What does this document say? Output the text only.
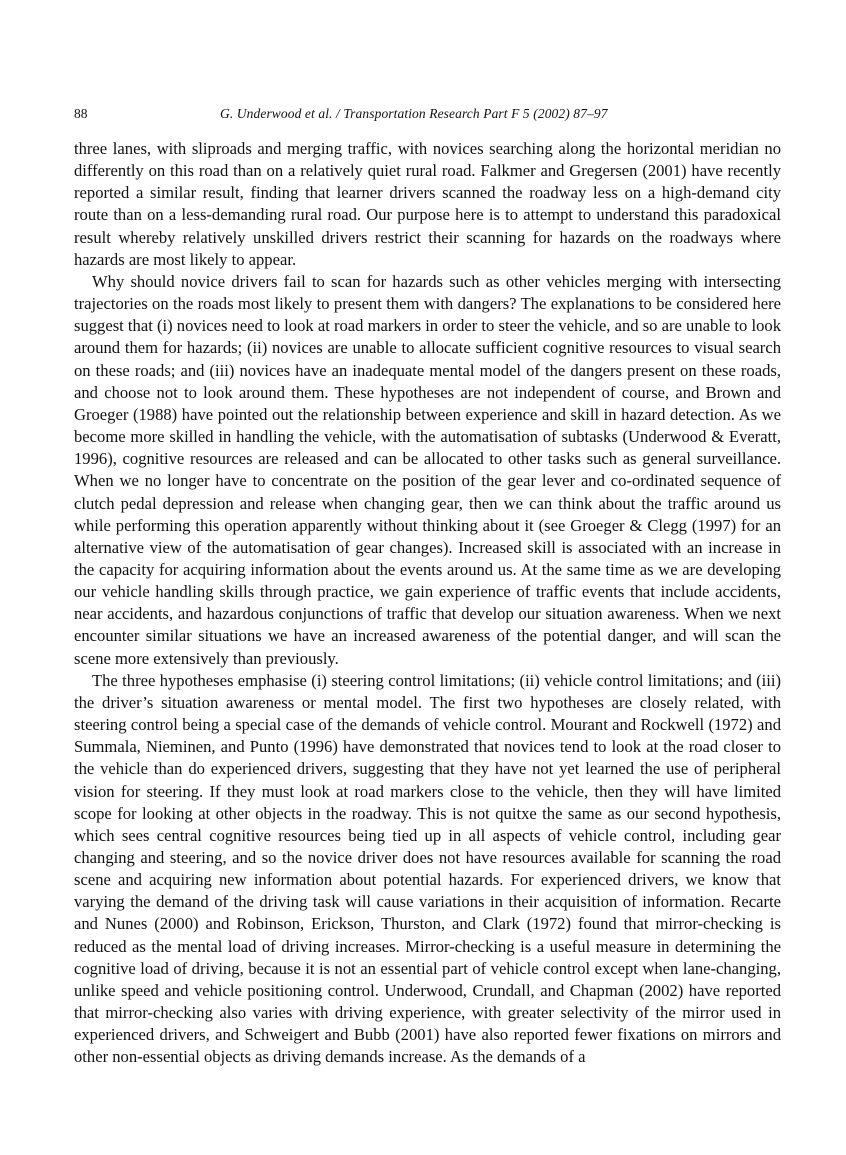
88	G. Underwood et al. / Transportation Research Part F 5 (2002) 87–97

three lanes, with sliproads and merging traffic, with novices searching along the horizontal meridian no differently on this road than on a relatively quiet rural road. Falkmer and Gregersen (2001) have recently reported a similar result, finding that learner drivers scanned the roadway less on a high-demand city route than on a less-demanding rural road. Our purpose here is to attempt to understand this paradoxical result whereby relatively unskilled drivers restrict their scanning for hazards on the roadways where hazards are most likely to appear.

Why should novice drivers fail to scan for hazards such as other vehicles merging with intersecting trajectories on the roads most likely to present them with dangers? The explanations to be considered here suggest that (i) novices need to look at road markers in order to steer the vehicle, and so are unable to look around them for hazards; (ii) novices are unable to allocate sufficient cognitive resources to visual search on these roads; and (iii) novices have an inadequate mental model of the dangers present on these roads, and choose not to look around them. These hypotheses are not independent of course, and Brown and Groeger (1988) have pointed out the relationship between experience and skill in hazard detection. As we become more skilled in handling the vehicle, with the automatisation of subtasks (Underwood & Everatt, 1996), cognitive resources are released and can be allocated to other tasks such as general surveillance. When we no longer have to concentrate on the position of the gear lever and co-ordinated sequence of clutch pedal depression and release when changing gear, then we can think about the traffic around us while performing this operation apparently without thinking about it (see Groeger & Clegg (1997) for an alternative view of the automatisation of gear changes). Increased skill is associated with an increase in the capacity for acquiring information about the events around us. At the same time as we are developing our vehicle handling skills through practice, we gain experience of traffic events that include accidents, near accidents, and hazardous conjunctions of traffic that develop our situation awareness. When we next encounter similar situations we have an increased awareness of the potential danger, and will scan the scene more extensively than previously.

The three hypotheses emphasise (i) steering control limitations; (ii) vehicle control limitations; and (iii) the driver’s situation awareness or mental model. The first two hypotheses are closely related, with steering control being a special case of the demands of vehicle control. Mourant and Rockwell (1972) and Summala, Nieminen, and Punto (1996) have demonstrated that novices tend to look at the road closer to the vehicle than do experienced drivers, suggesting that they have not yet learned the use of peripheral vision for steering. If they must look at road markers close to the vehicle, then they will have limited scope for looking at other objects in the roadway. This is not quitxe the same as our second hypothesis, which sees central cognitive resources being tied up in all aspects of vehicle control, including gear changing and steering, and so the novice driver does not have resources available for scanning the road scene and acquiring new information about potential hazards. For experienced drivers, we know that varying the demand of the driving task will cause variations in their acquisition of information. Recarte and Nunes (2000) and Robinson, Erickson, Thurston, and Clark (1972) found that mirror-checking is reduced as the mental load of driving increases. Mirror-checking is a useful measure in determining the cognitive load of driving, because it is not an essential part of vehicle control except when lane-changing, unlike speed and vehicle positioning control. Underwood, Crundall, and Chapman (2002) have reported that mirror-checking also varies with driving experience, with greater selectivity of the mirror used in experienced drivers, and Schweigert and Bubb (2001) have also reported fewer fixations on mirrors and other non-essential objects as driving demands increase. As the demands of a
